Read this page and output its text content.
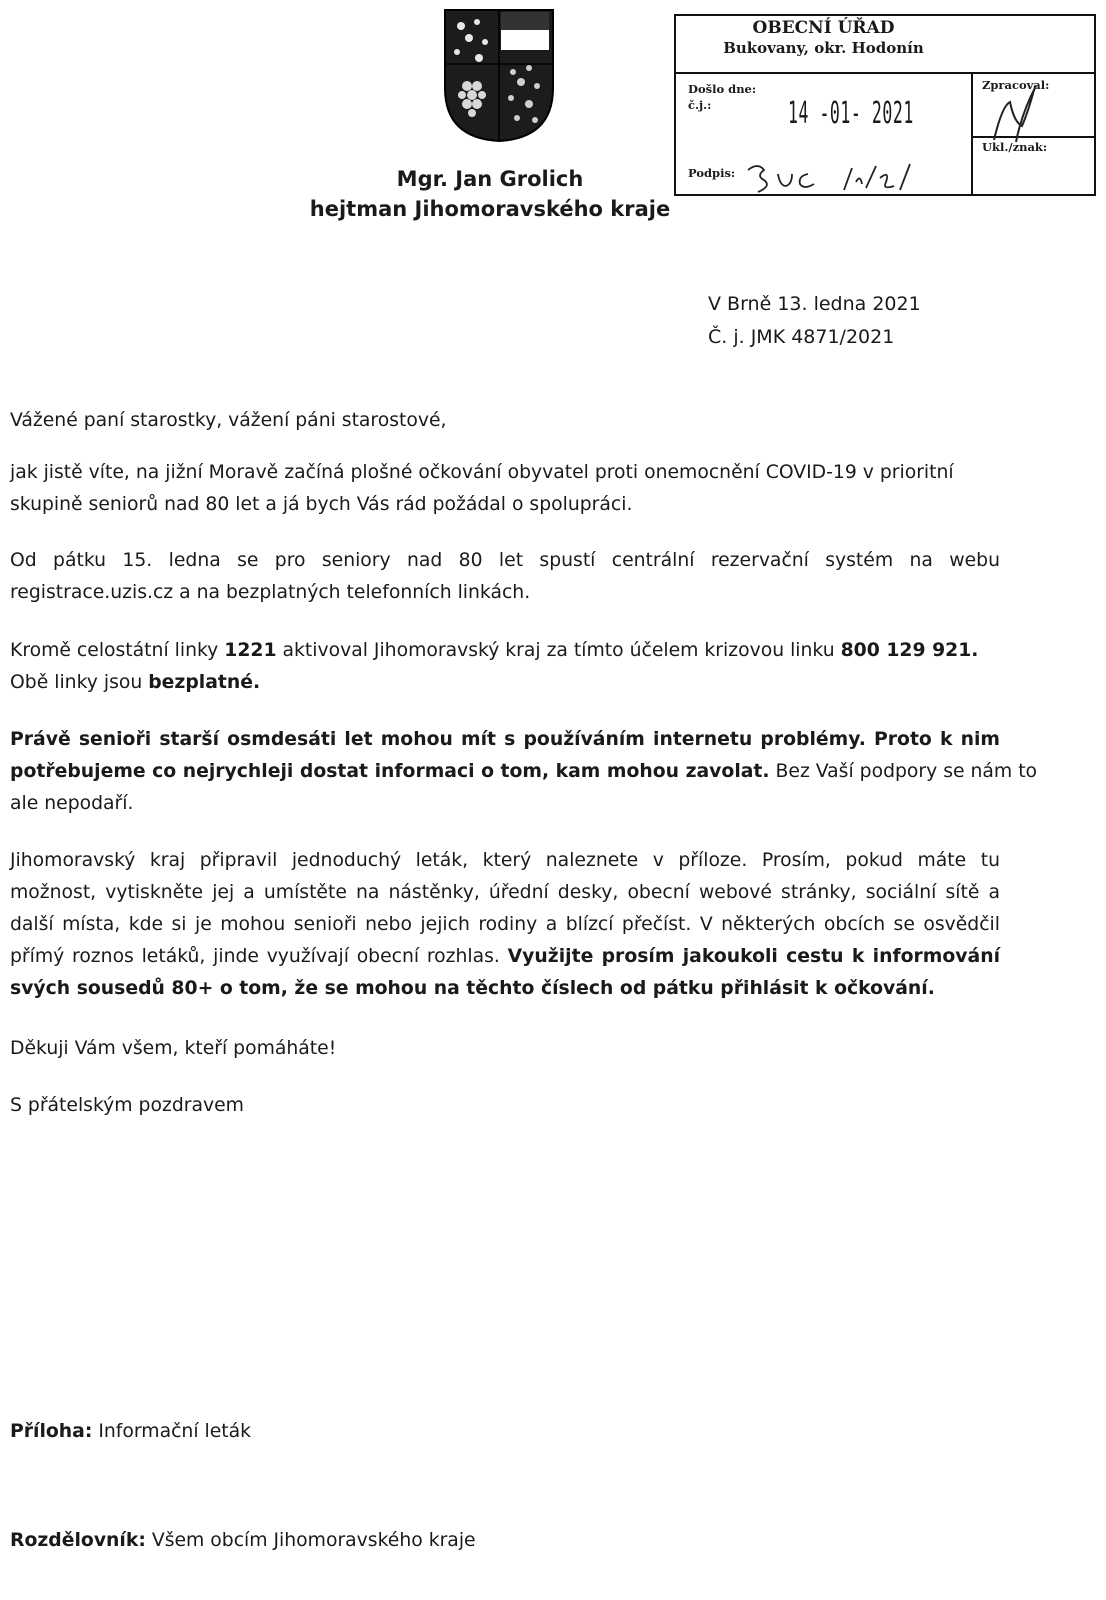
Mgr. Jan Grolich
hejtman Jihomoravského kraje
OBECNÍ ÚŘAD
Bukovany, okr. Hodonín
Došlo dne:
č.j.:	14 -01- 2021
Podpis:
Zpracoval:
Ukl./znak:
V Brně 13. ledna 2021
Č. j. JMK 4871/2021

Vážené paní starostky, vážení páni starostové,

jak jistě víte, na jižní Moravě začíná plošné očkování obyvatel proti onemocnění COVID-19 v prioritní

skupině seniorů nad 80 let a já bych Vás rád požádal o spolupráci.

Od pátku 15. ledna se pro seniory nad 80 let spustí centrální rezervační systém na webu

registrace.uzis.cz a na bezplatných telefonních linkách.

Kromě celostátní linky 1221 aktivoval Jihomoravský kraj za tímto účelem krizovou linku 800 129 921.

Obě linky jsou bezplatné.

Právě senioři starší osmdesáti let mohou mít s používáním internetu problémy. Proto k nim

potřebujeme co nejrychleji dostat informaci o tom, kam mohou zavolat. Bez Vaší podpory se nám to

ale nepodaří.

Jihomoravský kraj připravil jednoduchý leták, který naleznete v příloze. Prosím, pokud máte tu

možnost, vytiskněte jej a umístěte na nástěnky, úřední desky, obecní webové stránky, sociální sítě a

další místa, kde si je mohou senioři nebo jejich rodiny a blízcí přečíst. V některých obcích se osvědčil

přímý roznos letáků, jinde využívají obecní rozhlas. Využijte prosím jakoukoli cestu k informování

svých sousedů 80+ o tom, že se mohou na těchto číslech od pátku přihlásit k očkování.

Děkuji Vám všem, kteří pomáháte!

S přátelským pozdravem

Příloha: Informační leták

Rozdělovník: Všem obcím Jihomoravského kraje
